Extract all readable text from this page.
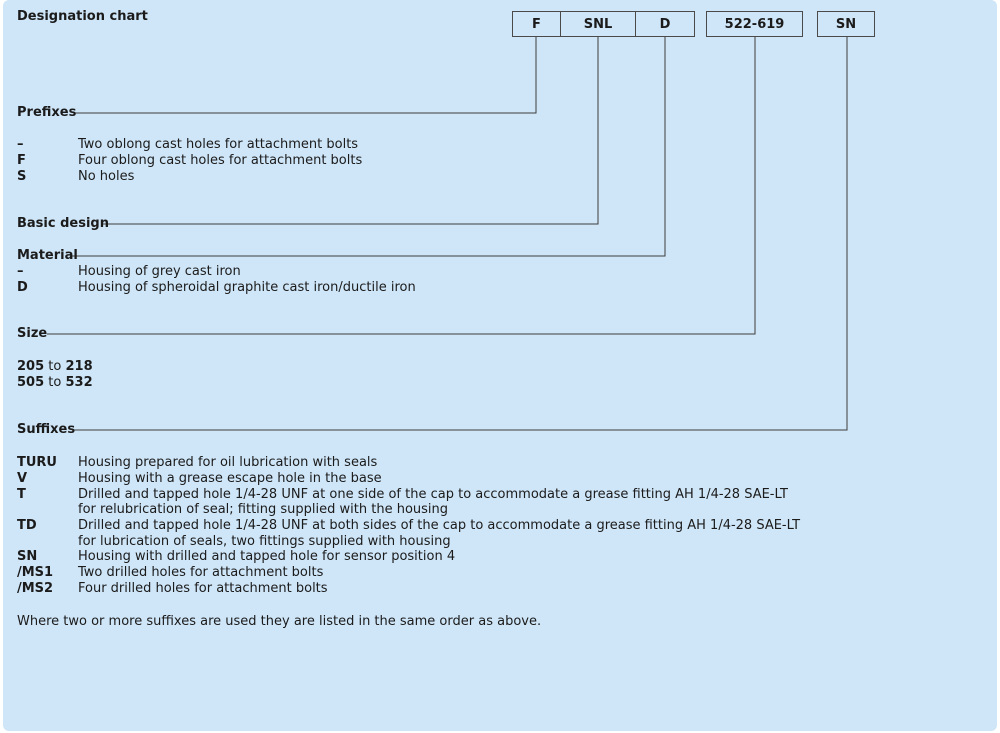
Designation chart	F	SNL	D	522-619	SN
Prefixes
–	Two oblong cast holes for attachment bolts
F	Four oblong cast holes for attachment bolts
S	No holes
Basic design
Material
–	Housing of grey cast iron
D	Housing of spheroidal graphite cast iron/ductile iron
Size
205 to 218
505 to 532
Suffixes
TURU Housing prepared for oil lubrication with seals
V	Housing with a grease escape hole in the base
T	Drilled and tapped hole 1/4-28 UNF at one side of the cap to accommodate a grease fitting AH 1/4-28 SAE-LT
for relubrication of seal; fitting supplied with the housing
TD	Drilled and tapped hole 1/4-28 UNF at both sides of the cap to accommodate a grease fitting AH 1/4-28 SAE-LT
for lubrication of seals, two fittings supplied with housing
SN	Housing with drilled and tapped hole for sensor position 4
/MS1 Two drilled holes for attachment bolts
/MS2 Four drilled holes for attachment bolts
Where two or more suffixes are used they are listed in the same order as above.
